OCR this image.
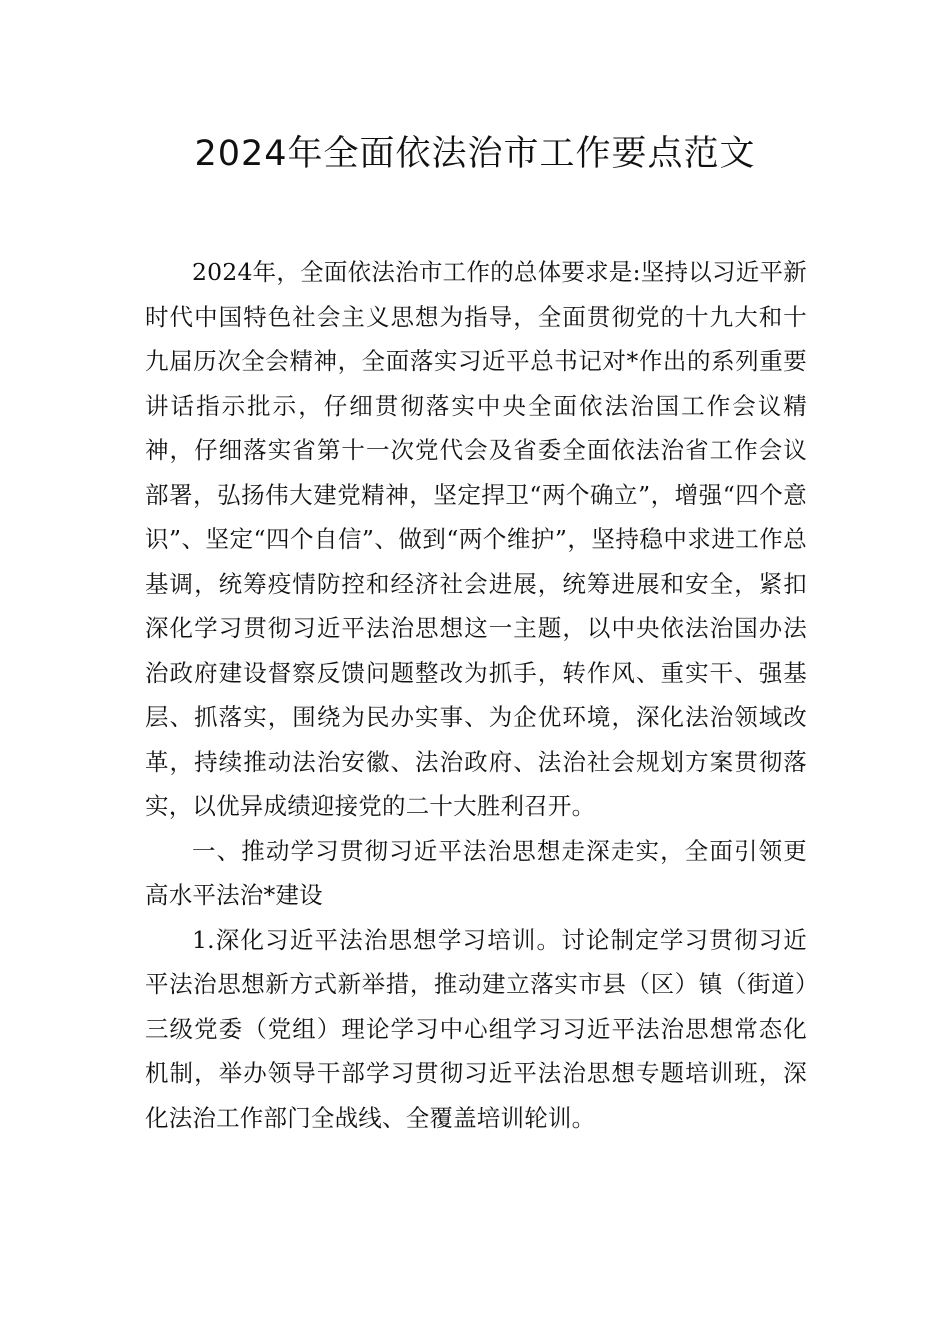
2024年全面依法治市工作要点范文

2024年，全面依法治市工作的总体要求是:坚持以习近平新时代中国特色社会主义思想为指导，全面贯彻党的十九大和十九届历次全会精神，全面落实习近平总书记对*作出的系列重要讲话指示批示，仔细贯彻落实中央全面依法治国工作会议精神，仔细落实省第十一次党代会及省委全面依法治省工作会议部署，弘扬伟大建党精神，坚定捍卫“两个确立”，增强“四个意识”、坚定“四个自信”、做到“两个维护”，坚持稳中求进工作总基调，统筹疫情防控和经济社会进展，统筹进展和安全，紧扣深化学习贯彻习近平法治思想这一主题，以中央依法治国办法治政府建设督察反馈问题整改为抓手，转作风、重实干、强基层、抓落实，围绕为民办实事、为企优环境，深化法治领域改革，持续推动法治安徽、法治政府、法治社会规划方案贯彻落实，以优异成绩迎接党的二十大胜利召开。

一、推动学习贯彻习近平法治思想走深走实，全面引领更高水平法治*建设

1.深化习近平法治思想学习培训。讨论制定学习贯彻习近平法治思想新方式新举措，推动建立落实市县（区）镇（街道）三级党委（党组）理论学习中心组学习习近平法治思想常态化机制，举办领导干部学习贯彻习近平法治思想专题培训班，深化法治工作部门全战线、全覆盖培训轮训。
